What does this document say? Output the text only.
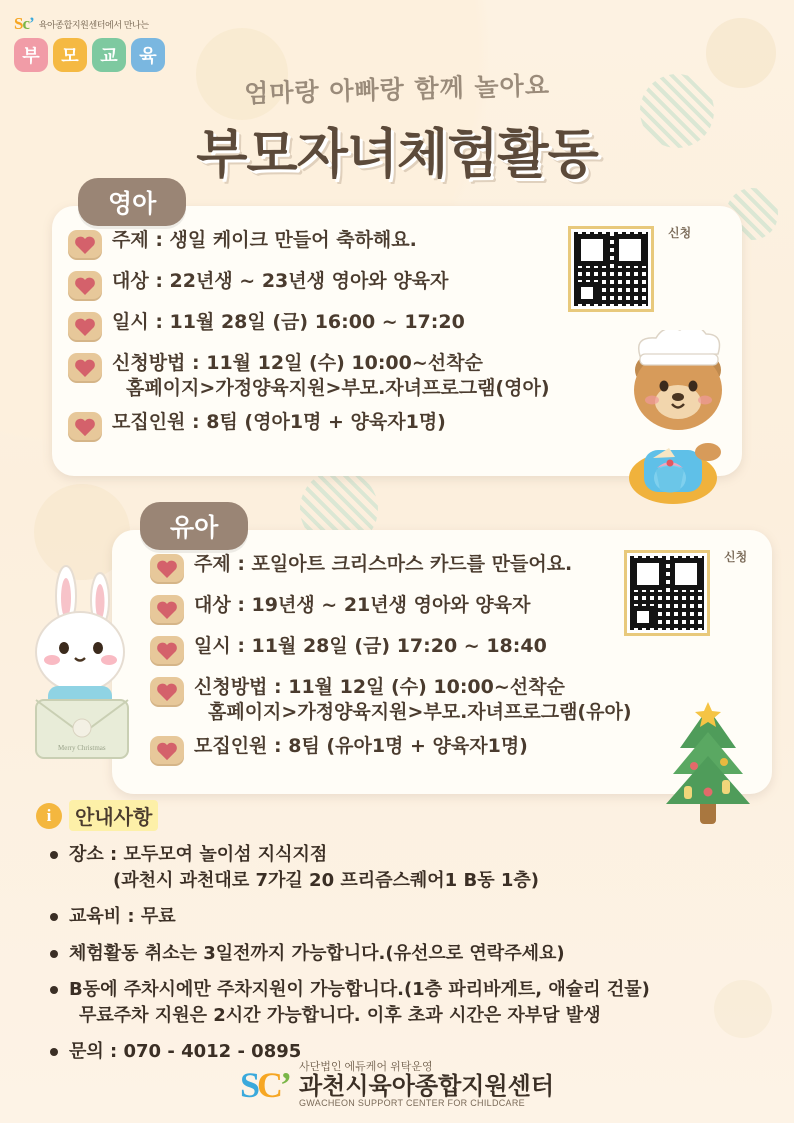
Scʼ 육아종합지원센터에서 만나는
부	모	교	육
엄마랑 아빠랑 함께 놀아요
부모자녀체험활동
영아
주제 : 생일 케이크 만들어 축하해요.
대상 : 22년생 ~ 23년생 영아와 양육자
일시 : 11월 28일 (금) 16:00 ~ 17:20
신청방법 : 11월 12일 (수) 10:00~선착순
홈페이지>가정양육지원>부모.자녀프로그램(영아)
모집인원 : 8팀 (영아1명 + 양육자1명)
신청
유아
주제 : 포일아트 크리스마스 카드를 만들어요.
대상 : 19년생 ~ 21년생 영아와 양육자
일시 : 11월 28일 (금) 17:20 ~ 18:40
신청방법 : 11월 12일 (수) 10:00~선착순
홈페이지>가정양육지원>부모.자녀프로그램(유아)
모집인원 : 8팀 (유아1명 + 양육자1명)
신청
Merry Christmas
i	안내사항
장소 : 모두모여 놀이섬 지식지점
(과천시 과천대로 7가길 20 프리즘스퀘어1 B동 1층)
교육비 : 무료
체험활동 취소는 3일전까지 가능합니다.(유선으로 연락주세요)
B동에 주차시에만 주차지원이 가능합니다.(1층 파리바게트, 애슐리 건물)
무료주차 지원은 2시간 가능합니다. 이후 초과 시간은 자부담 발생
문의 : 070 - 4012 - 0895
SCʼ 사단법인 에듀케어 위탁운영
과천시육아종합지원센터
GWACHEON SUPPORT CENTER FOR CHILDCARE
